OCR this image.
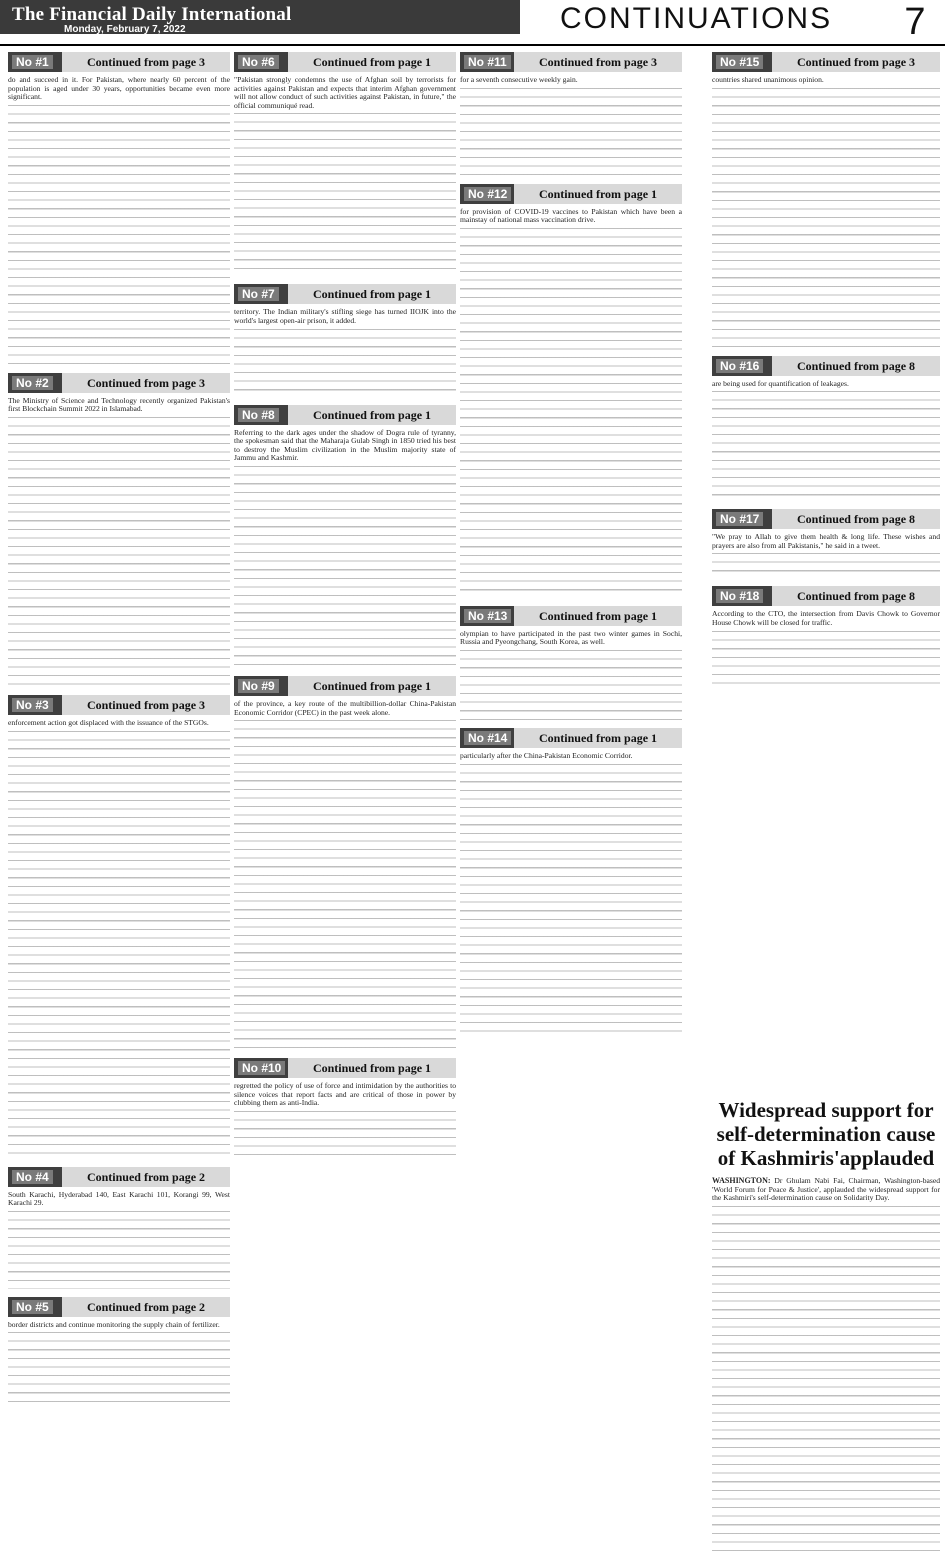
The Financial Daily International
Monday, February 7, 2022	CONTINUATIONS	7
No #1	Continued from page 3

do and succeed in it. For Pakistan, where nearly 60 percent of the population is aged under 30 years, opportunities became even more significant.

No #2	Continued from page 3

The Ministry of Science and Technology recently organized Pakistan's first Blockchain Summit 2022 in Islamabad.

No #3	Continued from page 3

enforcement action got displaced with the issuance of the STGOs.

No #4	Continued from page 2

South Karachi, Hyderabad 140, East Karachi 101, Korangi 99, West Karachi 29.

No #5	Continued from page 2

border districts and continue monitoring the supply chain of fertilizer.

No #6	Continued from page 1

"Pakistan strongly condemns the use of Afghan soil by terrorists for activities against Pakistan and expects that interim Afghan government will not allow conduct of such activities against Pakistan, in future," the official communiqué read.

No #7	Continued from page 1

territory. The Indian military's stifling siege has turned IIOJK into the world's largest open-air prison, it added.

No #8	Continued from page 1

Referring to the dark ages under the shadow of Dogra rule of tyranny, the spokesman said that the Maharaja Gulab Singh in 1850 tried his best to destroy the Muslim civilization in the Muslim majority state of Jammu and Kashmir.

No #9	Continued from page 1

of the province, a key route of the multibillion-dollar China-Pakistan Economic Corridor (CPEC) in the past week alone.

No #10	Continued from page 1

regretted the policy of use of force and intimidation by the authorities to silence voices that report facts and are critical of those in power by clubbing them as anti-India.

No #11	Continued from page 3

for a seventh consecutive weekly gain.

No #12	Continued from page 1

for provision of COVID-19 vaccines to Pakistan which have been a mainstay of national mass vaccination drive.

No #13	Continued from page 1

olympian to have participated in the past two winter games in Sochi, Russia and Pyeongchang, South Korea, as well.

No #14	Continued from page 1

particularly after the China-Pakistan Economic Corridor.

No #15	Continued from page 3

countries shared unanimous opinion.

No #16	Continued from page 8

are being used for quantification of leakages.

No #17	Continued from page 8

"We pray to Allah to give them health & long life. These wishes and prayers are also from all Pakistanis," he said in a tweet.

No #18	Continued from page 8

According to the CTO, the intersection from Davis Chowk to Governor House Chowk will be closed for traffic.

Widespread support for self-determination cause of Kashmiris'applauded

WASHINGTON: Dr Ghulam Nabi Fai, Chairman, Washington-based 'World Forum for Peace & Justice', applauded the widespread support for the Kashmiri's self-determination cause on Solidarity Day.
